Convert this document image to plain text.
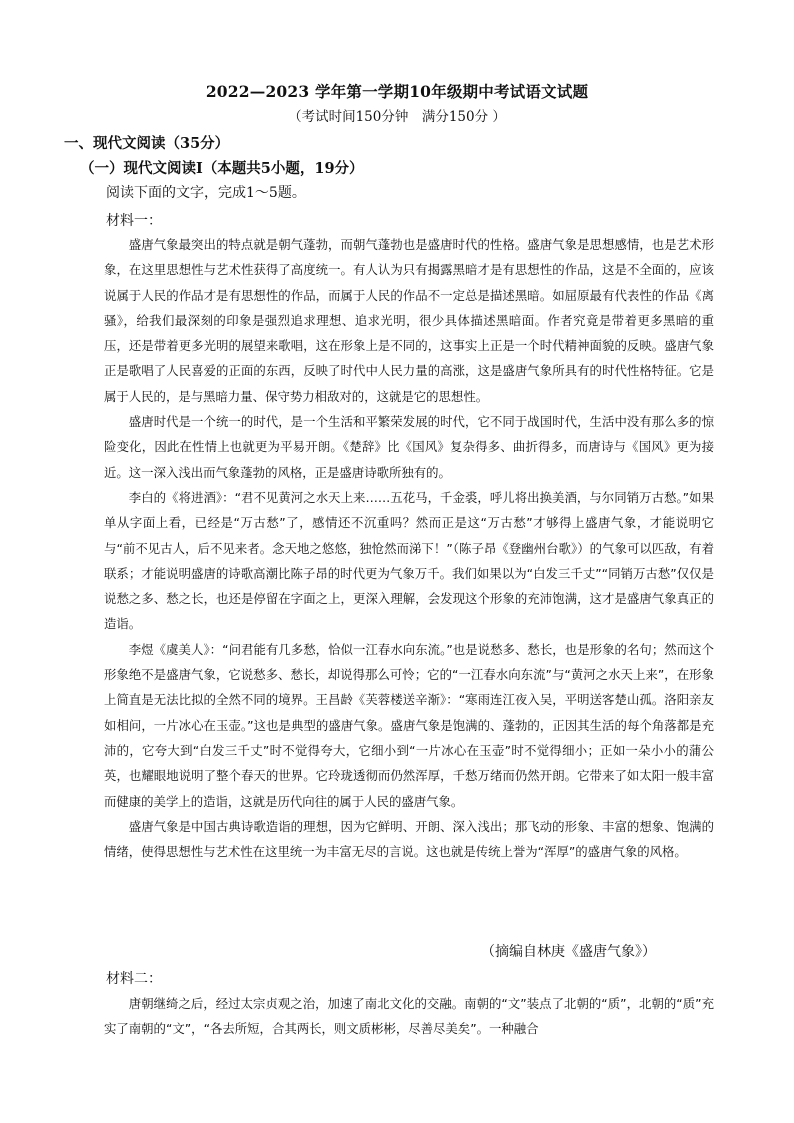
2022—2023 学年第一学期10年级期中考试语文试题
（考试时间150分钟　满分150分 ）
一、现代文阅读（35分）
（一）现代文阅读Ⅰ（本题共5小题，19分）
阅读下面的文字，完成1～5题。
材料一：

盛唐气象最突出的特点就是朝气蓬勃，而朝气蓬勃也是盛唐时代的性格。盛唐气象是思想感情，也是艺术形象，在这里思想性与艺术性获得了高度统一。有人认为只有揭露黑暗才是有思想性的作品，这是不全面的，应该说属于人民的作品才是有思想性的作品，而属于人民的作品不一定总是描述黑暗。如屈原最有代表性的作品《离骚》，给我们最深刻的印象是强烈追求理想、追求光明，很少具体描述黑暗面。作者究竟是带着更多黑暗的重压，还是带着更多光明的展望来歌唱，这在形象上是不同的，这事实上正是一个时代精神面貌的反映。盛唐气象正是歌唱了人民喜爱的正面的东西，反映了时代中人民力量的高涨，这是盛唐气象所具有的时代性格特征。它是属于人民的，是与黑暗力量、保守势力相敌对的，这就是它的思想性。

盛唐时代是一个统一的时代，是一个生活和平繁荣发展的时代，它不同于战国时代，生活中没有那么多的惊险变化，因此在性情上也就更为平易开朗。《楚辞》比《国风》复杂得多、曲折得多，而唐诗与《国风》更为接近。这一深入浅出而气象蓬勃的风格，正是盛唐诗歌所独有的。

李白的《将进酒》：“君不见黄河之水天上来……五花马，千金裘，呼儿将出换美酒，与尔同销万古愁。”如果单从字面上看，已经是“万古愁”了，感情还不沉重吗？然而正是这“万古愁”才够得上盛唐气象，才能说明它与“前不见古人，后不见来者。念天地之悠悠，独怆然而涕下！”（陈子昂《登幽州台歌》）的气象可以匹敌，有着联系；才能说明盛唐的诗歌高潮比陈子昂的时代更为气象万千。我们如果以为“白发三千丈”“同销万古愁”仅仅是说愁之多、愁之长，也还是停留在字面之上，更深入理解，会发现这个形象的充沛饱满，这才是盛唐气象真正的造诣。

李煜《虞美人》：“问君能有几多愁，恰似一江春水向东流。”也是说愁多、愁长，也是形象的名句；然而这个形象绝不是盛唐气象，它说愁多、愁长，却说得那么可怜；它的“一江春水向东流”与“黄河之水天上来”，在形象上简直是无法比拟的全然不同的境界。王昌龄《芙蓉楼送辛渐》：“寒雨连江夜入吴，平明送客楚山孤。洛阳亲友如相问，一片冰心在玉壶。”这也是典型的盛唐气象。盛唐气象是饱满的、蓬勃的，正因其生活的每个角落都是充沛的，它夸大到“白发三千丈”时不觉得夸大，它细小到“一片冰心在玉壶”时不觉得细小；正如一朵小小的蒲公英，也耀眼地说明了整个春天的世界。它玲珑透彻而仍然浑厚，千愁万绪而仍然开朗。它带来了如太阳一般丰富而健康的美学上的造诣，这就是历代向往的属于人民的盛唐气象。

盛唐气象是中国古典诗歌造诣的理想，因为它鲜明、开朗、深入浅出；那飞动的形象、丰富的想象、饱满的情绪，使得思想性与艺术性在这里统一为丰富无尽的言说。这也就是传统上誉为“浑厚”的盛唐气象的风格。

（摘编自林庚《盛唐气象》）
材料二：

唐朝继绮之后，经过太宗贞观之治，加速了南北文化的交融。南朝的“文”装点了北朝的“质”，北朝的“质”充实了南朝的“文”，“各去所短，合其两长，则文质彬彬，尽善尽美矣”。一种融合
